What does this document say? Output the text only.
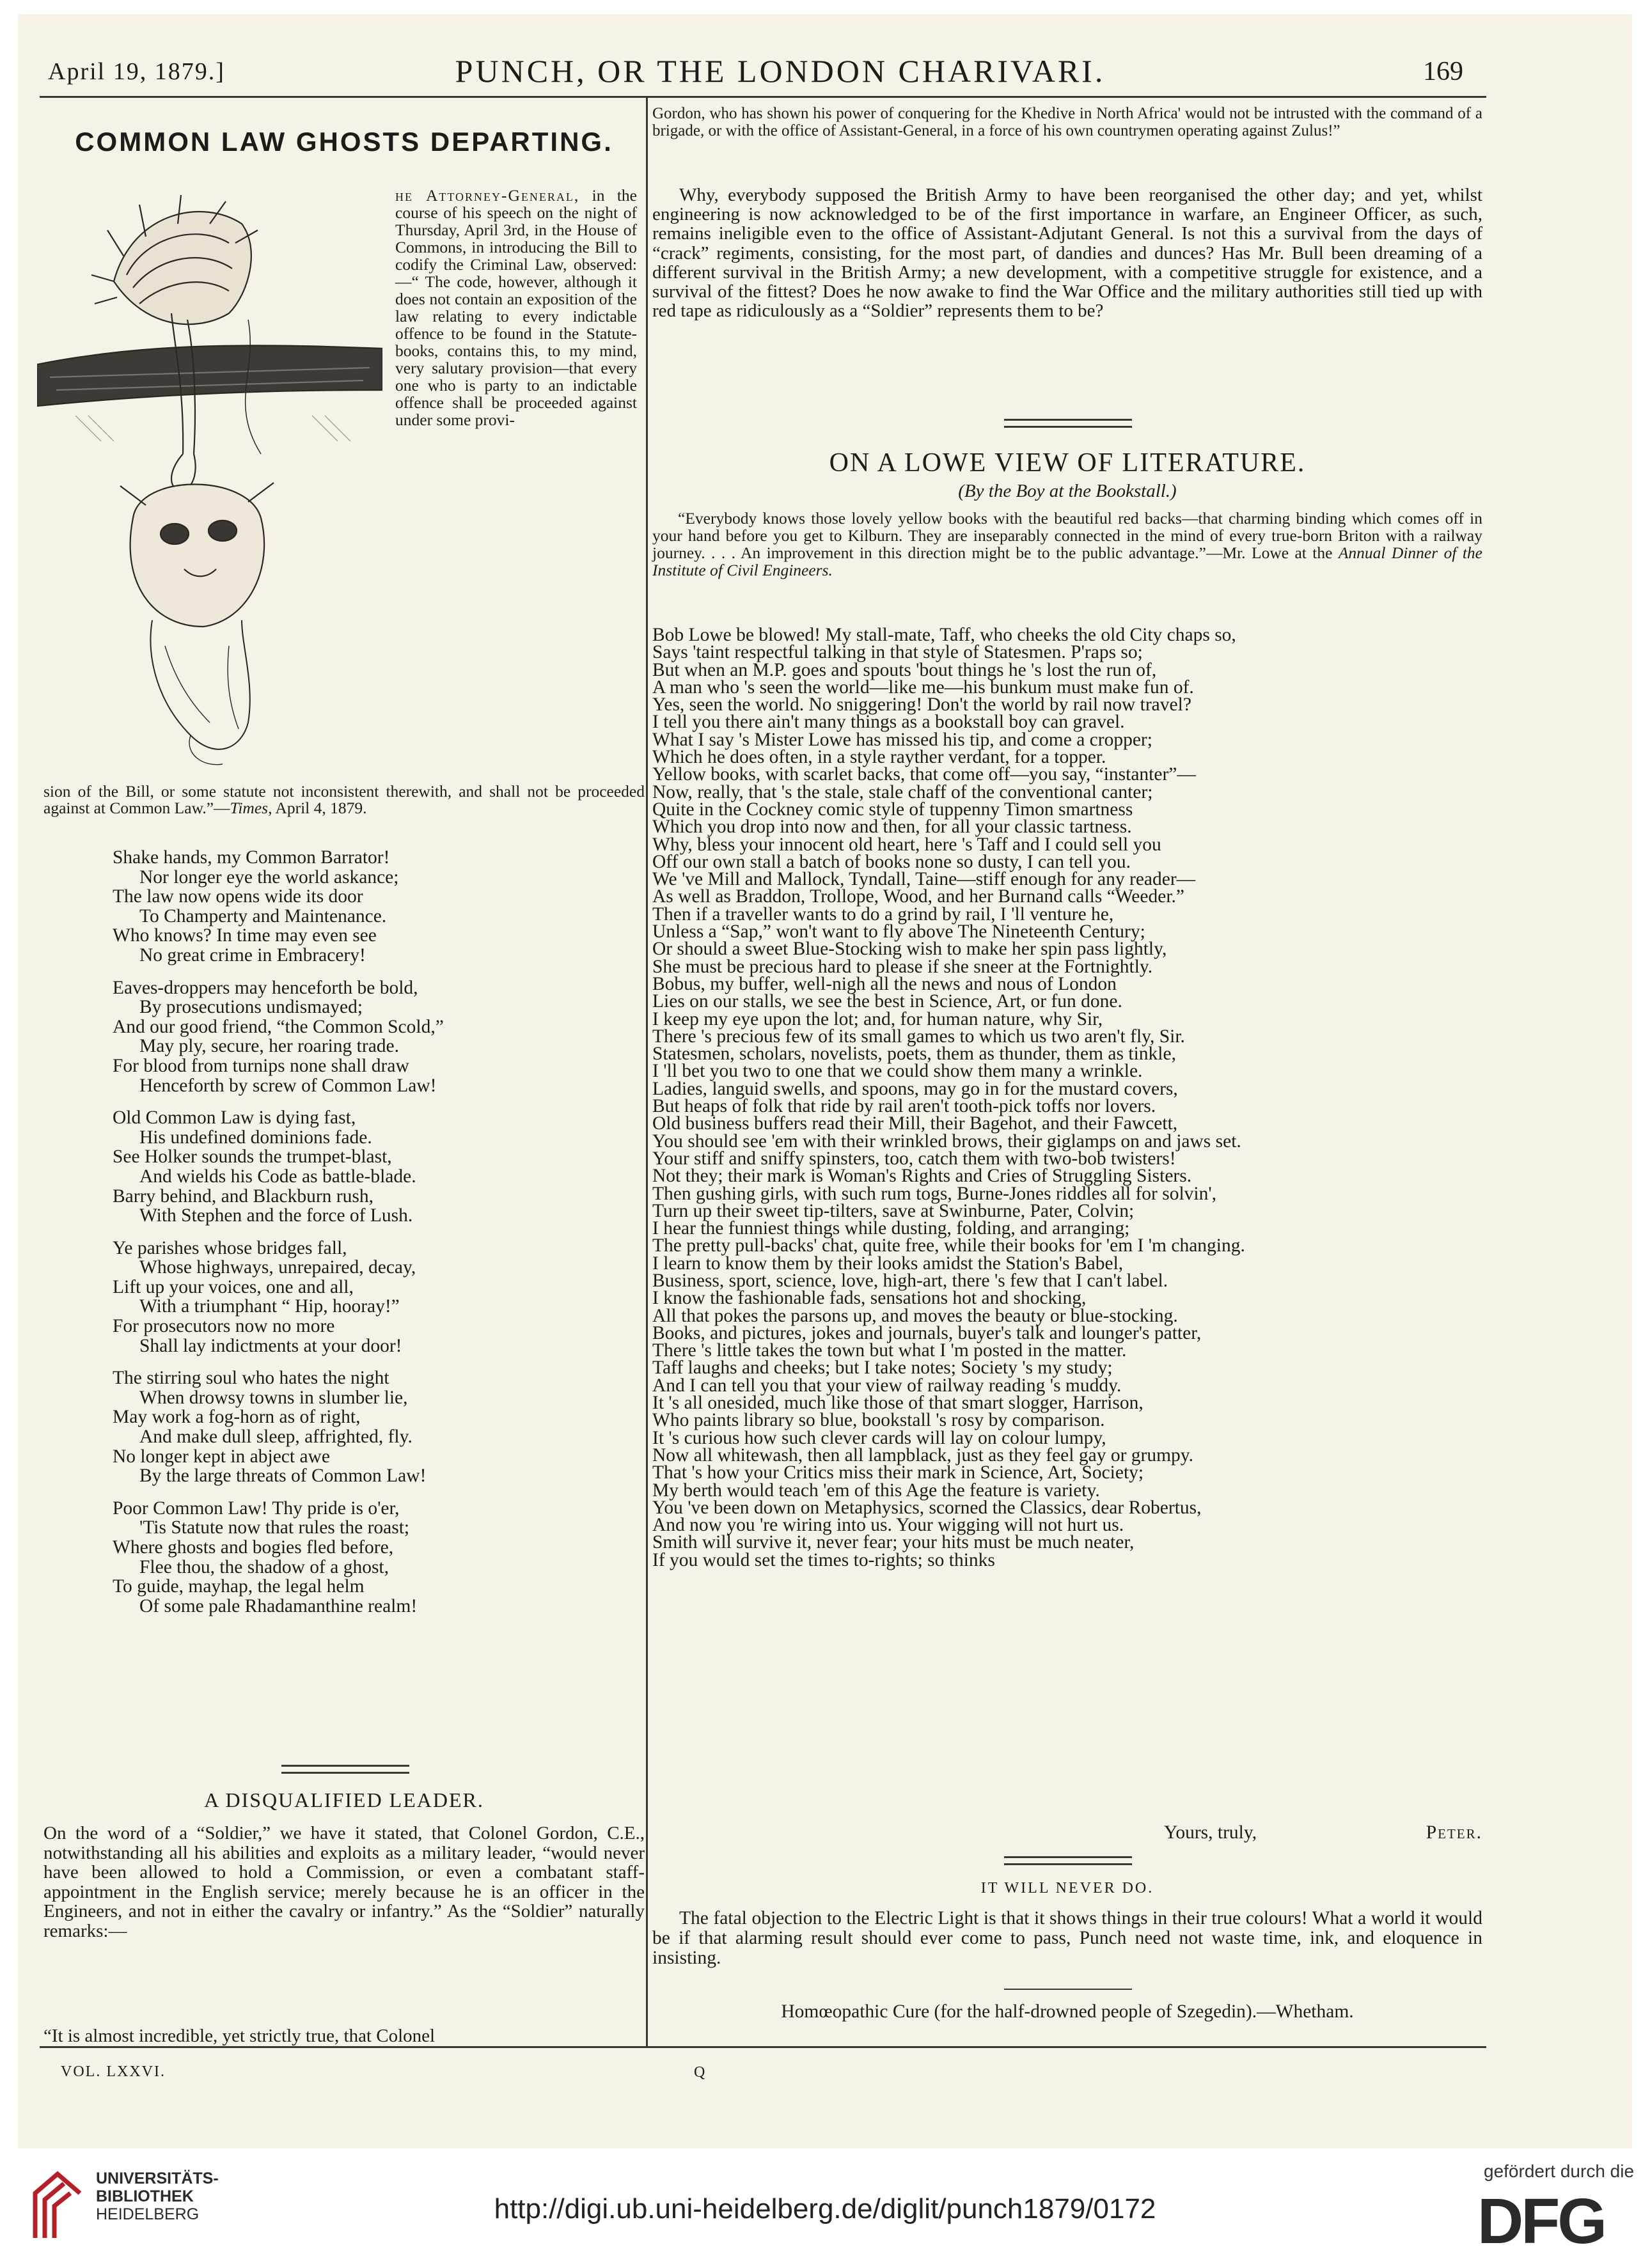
April 19, 1879.]	PUNCH, OR THE LONDON CHARIVARI.	169
COMMON LAW GHOSTS DEPARTING.
he Attorney-General, in the course of his speech on the night of Thursday, April 3rd, in the House of Commons, in introducing the Bill to codify the Criminal Law, observed:—“ The code, however, although it does not contain an exposition of the law relating to every indictable offence to be found in the Statute-books, contains this, to my mind, very salutary provision—that every one who is party to an indictable offence shall be proceeded against under some provi-
sion of the Bill, or some statute not inconsistent therewith, and shall not be proceeded against at Common Law.”—Times, April 4, 1879.
Shake hands, my Common Barrator!
Nor longer eye the world askance;
The law now opens wide its door
To Champerty and Maintenance.
Who knows? In time may even see
No great crime in Embracery!
Eaves-droppers may henceforth be bold,
By prosecutions undismayed;
And our good friend, “the Common Scold,”
May ply, secure, her roaring trade.
For blood from turnips none shall draw
Henceforth by screw of Common Law!
Old Common Law is dying fast,
His undefined dominions fade.
See Holker sounds the trumpet-blast,
And wields his Code as battle-blade.
Barry behind, and Blackburn rush,
With Stephen and the force of Lush.
Ye parishes whose bridges fall,
Whose highways, unrepaired, decay,
Lift up your voices, one and all,
With a triumphant “ Hip, hooray!”
For prosecutors now no more
Shall lay indictments at your door!
The stirring soul who hates the night
When drowsy towns in slumber lie,
May work a fog-horn as of right,
And make dull sleep, affrighted, fly.
No longer kept in abject awe
By the large threats of Common Law!
Poor Common Law! Thy pride is o'er,
'Tis Statute now that rules the roast;
Where ghosts and bogies fled before,
Flee thou, the shadow of a ghost,
To guide, mayhap, the legal helm
Of some pale Rhadamanthine realm!
A DISQUALIFIED LEADER.
On the word of a “Soldier,” we have it stated, that Colonel Gordon, C.E., notwithstanding all his abilities and exploits as a military leader, “would never have been allowed to hold a Commission, or even a combatant staff-appointment in the English service; merely because he is an officer in the Engineers, and not in either the cavalry or infantry.” As the “Soldier” naturally remarks:—
“It is almost incredible, yet strictly true, that Colonel
Gordon, who has shown his power of conquering for the Khedive in North Africa' would not be intrusted with the command of a brigade, or with the office of Assistant-General, in a force of his own countrymen operating against Zulus!”
Why, everybody supposed the British Army to have been reorganised the other day; and yet, whilst engineering is now acknowledged to be of the first importance in warfare, an Engineer Officer, as such, remains ineligible even to the office of Assistant-Adjutant General. Is not this a survival from the days of “crack” regiments, consisting, for the most part, of dandies and dunces? Has Mr. Bull been dreaming of a different survival in the British Army; a new development, with a competitive struggle for existence, and a survival of the fittest? Does he now awake to find the War Office and the military authorities still tied up with red tape as ridiculously as a “Soldier” represents them to be?
ON A LOWE VIEW OF LITERATURE.
(By the Boy at the Bookstall.)
“Everybody knows those lovely yellow books with the beautiful red backs—that charming binding which comes off in your hand before you get to Kilburn. They are inseparably connected in the mind of every true-born Briton with a railway journey. . . . An improvement in this direction might be to the public advantage.”—Mr. Lowe at the Annual Dinner of the Institute of Civil Engineers.
Bob Lowe be blowed! My stall-mate, Taff, who cheeks the old City chaps so,
Says 'taint respectful talking in that style of Statesmen. P'raps so;
But when an M.P. goes and spouts 'bout things he 's lost the run of,
A man who 's seen the world—like me—his bunkum must make fun of.
Yes, seen the world. No sniggering! Don't the world by rail now travel?
I tell you there ain't many things as a bookstall boy can gravel.
What I say 's Mister Lowe has missed his tip, and come a cropper;
Which he does often, in a style rayther verdant, for a topper.
Yellow books, with scarlet backs, that come off—you say, “instanter”—
Now, really, that 's the stale, stale chaff of the conventional canter;
Quite in the Cockney comic style of tuppenny Timon smartness
Which you drop into now and then, for all your classic tartness.
Why, bless your innocent old heart, here 's Taff and I could sell you
Off our own stall a batch of books none so dusty, I can tell you.
We 've Mill and Mallock, Tyndall, Taine—stiff enough for any reader—
As well as Braddon, Trollope, Wood, and her Burnand calls “Weeder.”
Then if a traveller wants to do a grind by rail, I 'll venture he,
Unless a “Sap,” won't want to fly above The Nineteenth Century;
Or should a sweet Blue-Stocking wish to make her spin pass lightly,
She must be precious hard to please if she sneer at the Fortnightly.
Bobus, my buffer, well-nigh all the news and nous of London
Lies on our stalls, we see the best in Science, Art, or fun done.
I keep my eye upon the lot; and, for human nature, why Sir,
There 's precious few of its small games to which us two aren't fly, Sir.
Statesmen, scholars, novelists, poets, them as thunder, them as tinkle,
I 'll bet you two to one that we could show them many a wrinkle.
Ladies, languid swells, and spoons, may go in for the mustard covers,
But heaps of folk that ride by rail aren't tooth-pick toffs nor lovers.
Old business buffers read their Mill, their Bagehot, and their Fawcett,
You should see 'em with their wrinkled brows, their giglamps on and jaws set.
Your stiff and sniffy spinsters, too, catch them with two-bob twisters!
Not they; their mark is Woman's Rights and Cries of Struggling Sisters.
Then gushing girls, with such rum togs, Burne-Jones riddles all for solvin',
Turn up their sweet tip-tilters, save at Swinburne, Pater, Colvin;
I hear the funniest things while dusting, folding, and arranging;
The pretty pull-backs' chat, quite free, while their books for 'em I 'm changing.
I learn to know them by their looks amidst the Station's Babel,
Business, sport, science, love, high-art, there 's few that I can't label.
I know the fashionable fads, sensations hot and shocking,
All that pokes the parsons up, and moves the beauty or blue-stocking.
Books, and pictures, jokes and journals, buyer's talk and lounger's patter,
There 's little takes the town but what I 'm posted in the matter.
Taff laughs and cheeks; but I take notes; Society 's my study;
And I can tell you that your view of railway reading 's muddy.
It 's all onesided, much like those of that smart slogger, Harrison,
Who paints library so blue, bookstall 's rosy by comparison.
It 's curious how such clever cards will lay on colour lumpy,
Now all whitewash, then all lampblack, just as they feel gay or grumpy.
That 's how your Critics miss their mark in Science, Art, Society;
My berth would teach 'em of this Age the feature is variety.
You 've been down on Metaphysics, scorned the Classics, dear Robertus,
And now you 're wiring into us. Your wigging will not hurt us.
Smith will survive it, never fear; your hits must be much neater,
If you would set the times to-rights; so thinks
Yours, truly,	Peter.
IT WILL NEVER DO.
The fatal objection to the Electric Light is that it shows things in their true colours! What a world it would be if that alarming result should ever come to pass, Punch need not waste time, ink, and eloquence in insisting.
Homœopathic Cure (for the half-drowned people of Szegedin).—Whetham.
VOL. LXXVI.	Q
UNIVERSITÄTS-
BIBLIOTHEK
HEIDELBERG	http://digi.ub.uni-heidelberg.de/diglit/punch1879/0172
gefördert durch die
DFG
